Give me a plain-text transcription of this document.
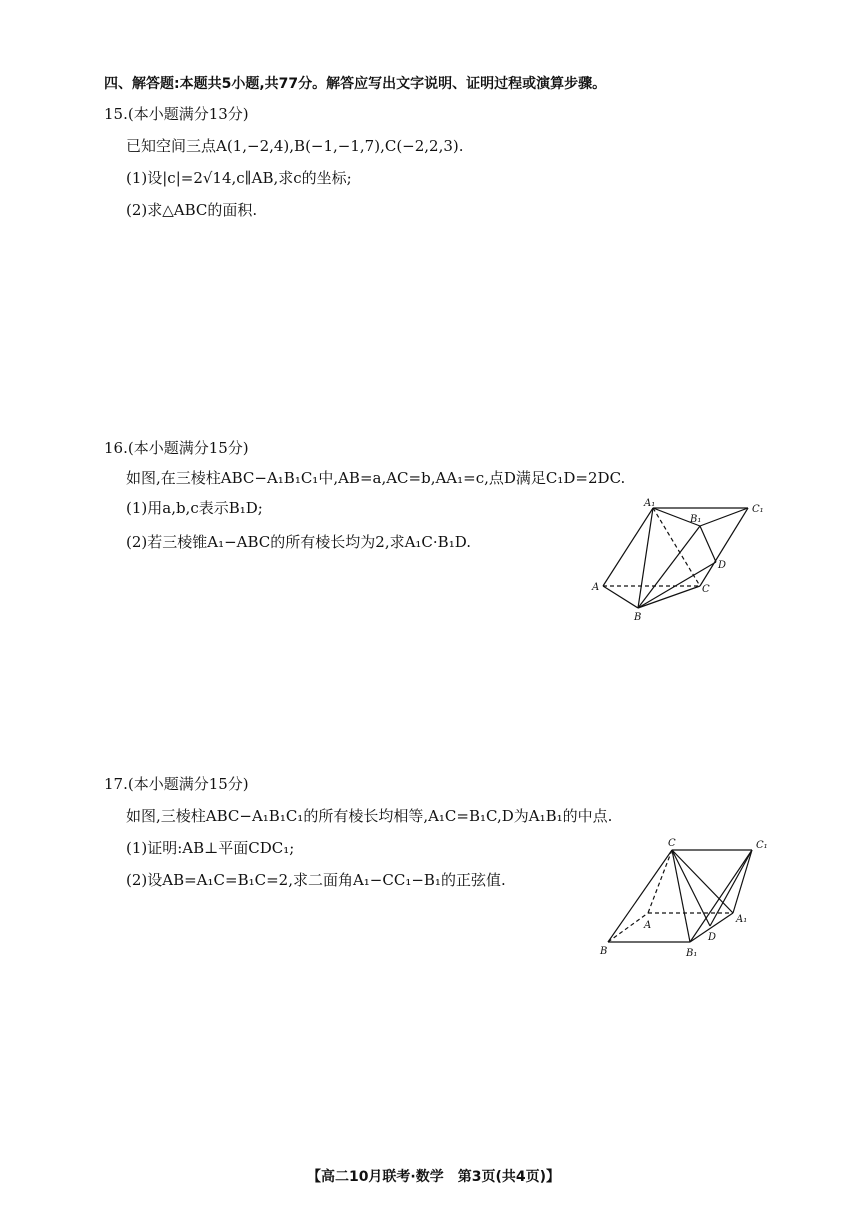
四、解答题:本题共5小题,共77分。解答应写出文字说明、证明过程或演算步骤。
15.(本小题满分13分)
已知空间三点A(1,−2,4),B(−1,−1,7),C(−2,2,3).
(1)设|c|=2√14,c∥AB,求c的坐标;
(2)求△ABC的面积.
16.(本小题满分15分)
如图,在三棱柱ABC−A₁B₁C₁中,AB=a,AC=b,AA₁=c,点D满足C₁D=2DC.
(1)用a,b,c表示B₁D;
(2)若三棱锥A₁−ABC的所有棱长均为2,求A₁C·B₁D.
A₁
B₁
C₁
A
B
C
D
17.(本小题满分15分)
如图,三棱柱ABC−A₁B₁C₁的所有棱长均相等,A₁C=B₁C,D为A₁B₁的中点.
(1)证明:AB⊥平面CDC₁;
(2)设AB=A₁C=B₁C=2,求二面角A₁−CC₁−B₁的正弦值.
C	C₁
A
A₁
B	B₁
D
【高二10月联考·数学　第3页(共4页)】
